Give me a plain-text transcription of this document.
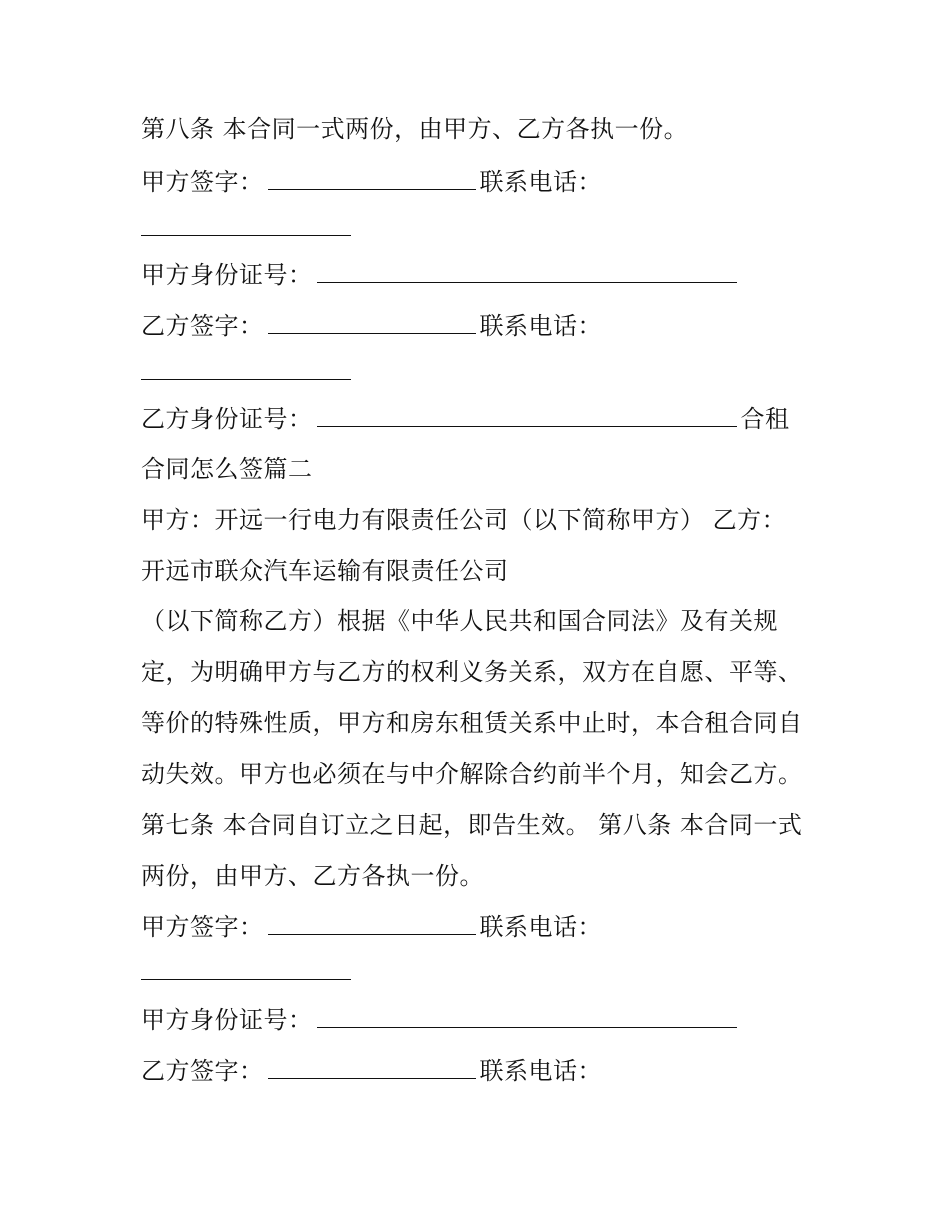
第八条 本合同一式两份，由甲方、乙方各执一份。
甲方签字：	联系电话：
甲方身份证号：
乙方签字：	联系电话：
乙方身份证号：	合租
合同怎么签篇二
甲方：开远一行电力有限责任公司（以下简称甲方） 乙方：
开远市联众汽车运输有限责任公司
（以下简称乙方）根据《中华人民共和国合同法》及有关规
定，为明确甲方与乙方的权利义务关系，双方在自愿、平等、
等价的特殊性质，甲方和房东租赁关系中止时，本合租合同自
动失效。甲方也必须在与中介解除合约前半个月，知会乙方。
第七条 本合同自订立之日起，即告生效。 第八条 本合同一式
两份，由甲方、乙方各执一份。
甲方签字：	联系电话：
甲方身份证号：
乙方签字：	联系电话：
